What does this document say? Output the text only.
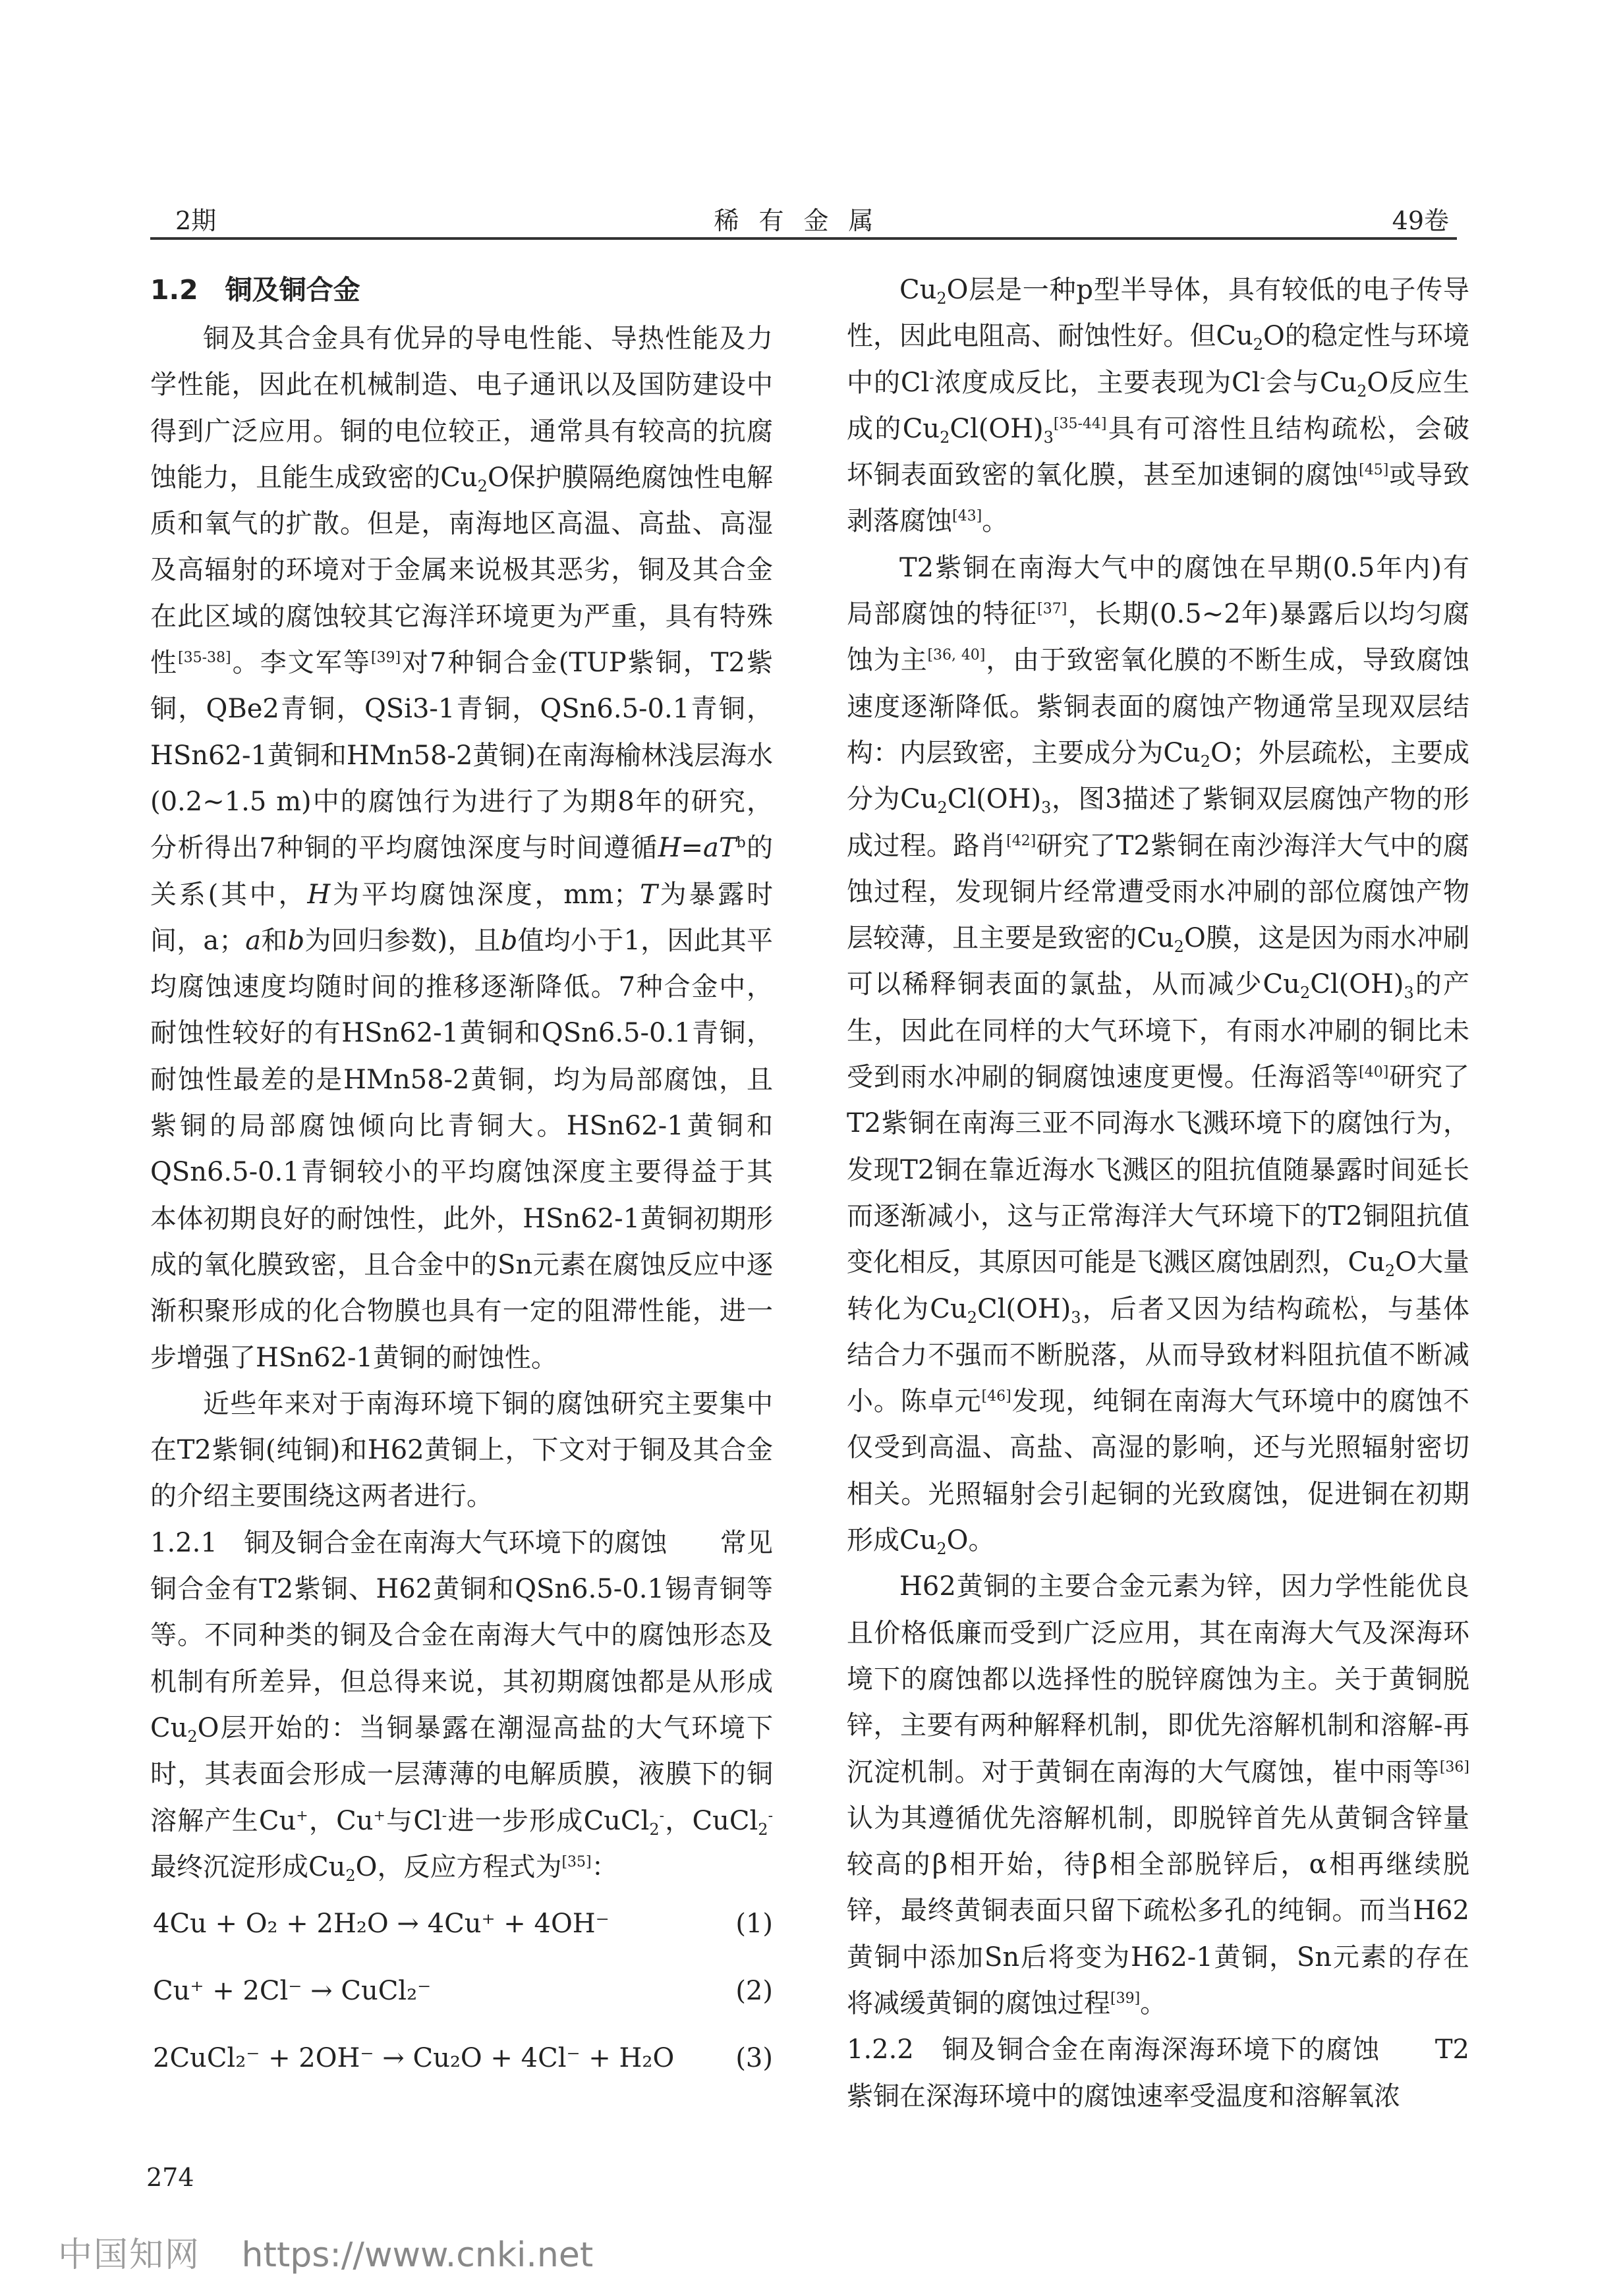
2期	稀有金属	49卷
1.2　铜及铜合金

铜及其合金具有优异的导电性能、导热性能及力学性能，因此在机械制造、电子通讯以及国防建设中得到广泛应用。铜的电位较正，通常具有较高的抗腐蚀能力，且能生成致密的$Cu_2O$保护膜隔绝腐蚀性电解质和氧气的扩散。但是，南海地区高温、高盐、高湿及高辐射的环境对于金属来说极其恶劣，铜及其合金在此区域的腐蚀较其它海洋环境更为严重，具有特殊性[35-38]。李文军等[39]对7种铜合金(TUP紫铜，T2紫铜，QBe2青铜，QSi3-1青铜，QSn6.5-0.1青铜，HSn62-1黄铜和HMn58-2黄铜)在南海榆林浅层海水(0.2~1.5 m)中的腐蚀行为进行了为期8年的研究，分析得出7种铜的平均腐蚀深度与时间遵循$H=aT^b$的关系(其中，H为平均腐蚀深度，mm；T为暴露时间，a；a和b为回归参数)，且b值均小于1，因此其平均腐蚀速度均随时间的推移逐渐降低。7种合金中，耐蚀性较好的有HSn62-1黄铜和QSn6.5-0.1青铜，耐蚀性最差的是HMn58-2黄铜，均为局部腐蚀，且紫铜的局部腐蚀倾向比青铜大。HSn62-1黄铜和QSn6.5-0.1青铜较小的平均腐蚀深度主要得益于其本体初期良好的耐蚀性，此外，HSn62-1黄铜初期形成的氧化膜致密，且合金中的Sn元素在腐蚀反应中逐渐积聚形成的化合物膜也具有一定的阻滞性能，进一步增强了HSn62-1黄铜的耐蚀性。

近些年来对于南海环境下铜的腐蚀研究主要集中在T2紫铜(纯铜)和H62黄铜上，下文对于铜及其合金的介绍主要围绕这两者进行。

1.2.1　铜及铜合金在南海大气环境下的腐蚀　　常见铜合金有T2紫铜、H62黄铜和QSn6.5-0.1锡青铜等等。不同种类的铜及合金在南海大气中的腐蚀形态及机制有所差异，但总得来说，其初期腐蚀都是从形成$Cu_2O$层开始的：当铜暴露在潮湿高盐的大气环境下时，其表面会形成一层薄薄的电解质膜，液膜下的铜溶解产生Cu+，Cu+与Cl-进一步形成CuCl$_2$-，CuCl$_2$-最终沉淀形成$Cu_2O$，反应方程式为[35]：

4Cu + O₂ + 2H₂O → 4Cu⁺ + 4OH⁻	(1)
Cu⁺ + 2Cl⁻ → CuCl₂⁻	(2)
2CuCl₂⁻ + 2OH⁻ → Cu₂O + 4Cl⁻ + H₂O (3)

$Cu_2O$层是一种p型半导体，具有较低的电子传导性，因此电阻高、耐蚀性好。但$Cu_2O$的稳定性与环境中的Cl-浓度成反比，主要表现为Cl-会与$Cu_2O$反应生成的$Cu_2Cl(OH)_3[35-44]$具有可溶性且结构疏松，会破坏铜表面致密的氧化膜，甚至加速铜的腐蚀[45]或导致剥落腐蚀[43]。

T2紫铜在南海大气中的腐蚀在早期(0.5年内)有局部腐蚀的特征[37]，长期(0.5~2年)暴露后以均匀腐蚀为主[36, 40]，由于致密氧化膜的不断生成，导致腐蚀速度逐渐降低。紫铜表面的腐蚀产物通常呈现双层结构：内层致密，主要成分为$Cu_2O$；外层疏松，主要成分为$Cu_2Cl(OH)_3$，图3描述了紫铜双层腐蚀产物的形成过程。路肖[42]研究了T2紫铜在南沙海洋大气中的腐蚀过程，发现铜片经常遭受雨水冲刷的部位腐蚀产物层较薄，且主要是致密的$Cu_2O$膜，这是因为雨水冲刷可以稀释铜表面的氯盐，从而减少$Cu_2Cl(OH)_3$的产生，因此在同样的大气环境下，有雨水冲刷的铜比未受到雨水冲刷的铜腐蚀速度更慢。任海滔等[40]研究了T2紫铜在南海三亚不同海水飞溅环境下的腐蚀行为，发现T2铜在靠近海水飞溅区的阻抗值随暴露时间延长而逐渐减小，这与正常海洋大气环境下的T2铜阻抗值变化相反，其原因可能是飞溅区腐蚀剧烈，$Cu_2O$大量转化为$Cu_2Cl(OH)_3$，后者又因为结构疏松，与基体结合力不强而不断脱落，从而导致材料阻抗值不断减小。陈卓元[46]发现，纯铜在南海大气环境中的腐蚀不仅受到高温、高盐、高湿的影响，还与光照辐射密切相关。光照辐射会引起铜的光致腐蚀，促进铜在初期形成$Cu_2O$。

H62黄铜的主要合金元素为锌，因力学性能优良且价格低廉而受到广泛应用，其在南海大气及深海环境下的腐蚀都以选择性的脱锌腐蚀为主。关于黄铜脱锌，主要有两种解释机制，即优先溶解机制和溶解-再沉淀机制。对于黄铜在南海的大气腐蚀，崔中雨等[36]认为其遵循优先溶解机制，即脱锌首先从黄铜含锌量较高的β相开始，待β相全部脱锌后，α相再继续脱锌，最终黄铜表面只留下疏松多孔的纯铜。而当H62黄铜中添加Sn后将变为H62-1黄铜，Sn元素的存在将减缓黄铜的腐蚀过程[39]。

1.2.2　铜及铜合金在南海深海环境下的腐蚀　　T2紫铜在深海环境中的腐蚀速率受温度和溶解氧浓

274
中国知网 https://www.cnki.net
